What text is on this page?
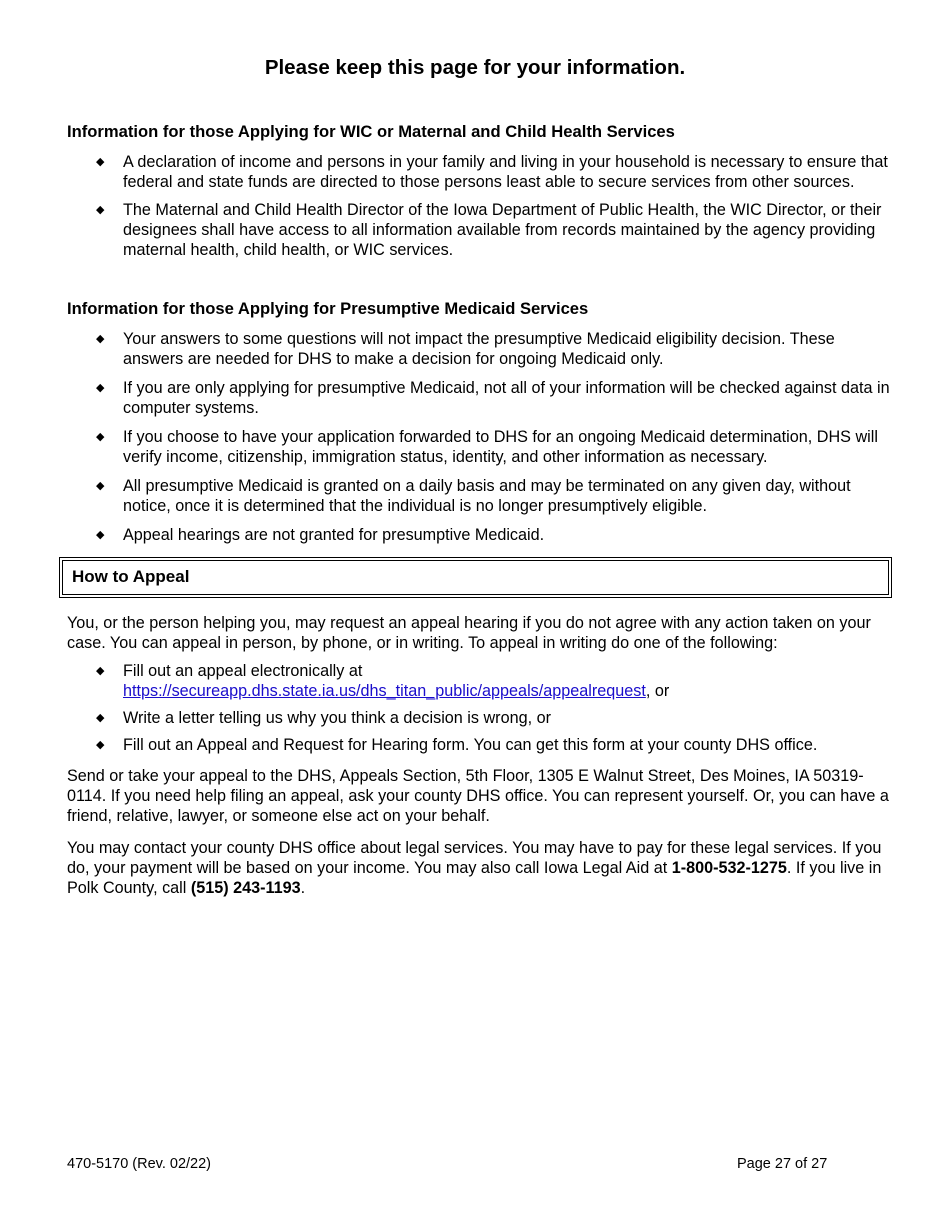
Please keep this page for your information.
Information for those Applying for WIC or Maternal and Child Health Services
◆ A declaration of income and persons in your family and living in your household is necessary to ensure that federal and state funds are directed to those persons least able to secure services from other sources.
◆ The Maternal and Child Health Director of the Iowa Department of Public Health, the WIC Director, or their designees shall have access to all information available from records maintained by the agency providing maternal health, child health, or WIC services.
Information for those Applying for Presumptive Medicaid Services
◆ Your answers to some questions will not impact the presumptive Medicaid eligibility decision. These answers are needed for DHS to make a decision for ongoing Medicaid only.
◆ If you are only applying for presumptive Medicaid, not all of your information will be checked against data in computer systems.
◆ If you choose to have your application forwarded to DHS for an ongoing Medicaid determination, DHS will verify income, citizenship, immigration status, identity, and other information as necessary.
◆ All presumptive Medicaid is granted on a daily basis and may be terminated on any given day, without notice, once it is determined that the individual is no longer presumptively eligible.
◆ Appeal hearings are not granted for presumptive Medicaid.
How to Appeal

You, or the person helping you, may request an appeal hearing if you do not agree with any action taken on your case. You can appeal in person, by phone, or in writing. To appeal in writing do one of the following:

◆ Fill out an appeal electronically at
https://secureapp.dhs.state.ia.us/dhs_titan_public/appeals/appealrequest, or
◆ Write a letter telling us why you think a decision is wrong, or
◆ Fill out an Appeal and Request for Hearing form. You can get this form at your county DHS office.

Send or take your appeal to the DHS, Appeals Section, 5th Floor, 1305 E Walnut Street, Des Moines, IA 50319-0114. If you need help filing an appeal, ask your county DHS office. You can represent yourself. Or, you can have a friend, relative, lawyer, or someone else act on your behalf.

You may contact your county DHS office about legal services. You may have to pay for these legal services. If you do, your payment will be based on your income. You may also call Iowa Legal Aid at 1-800-532-1275. If you live in Polk County, call (515) 243-1193.

470-5170 (Rev. 02/22)	Page 27 of 27
